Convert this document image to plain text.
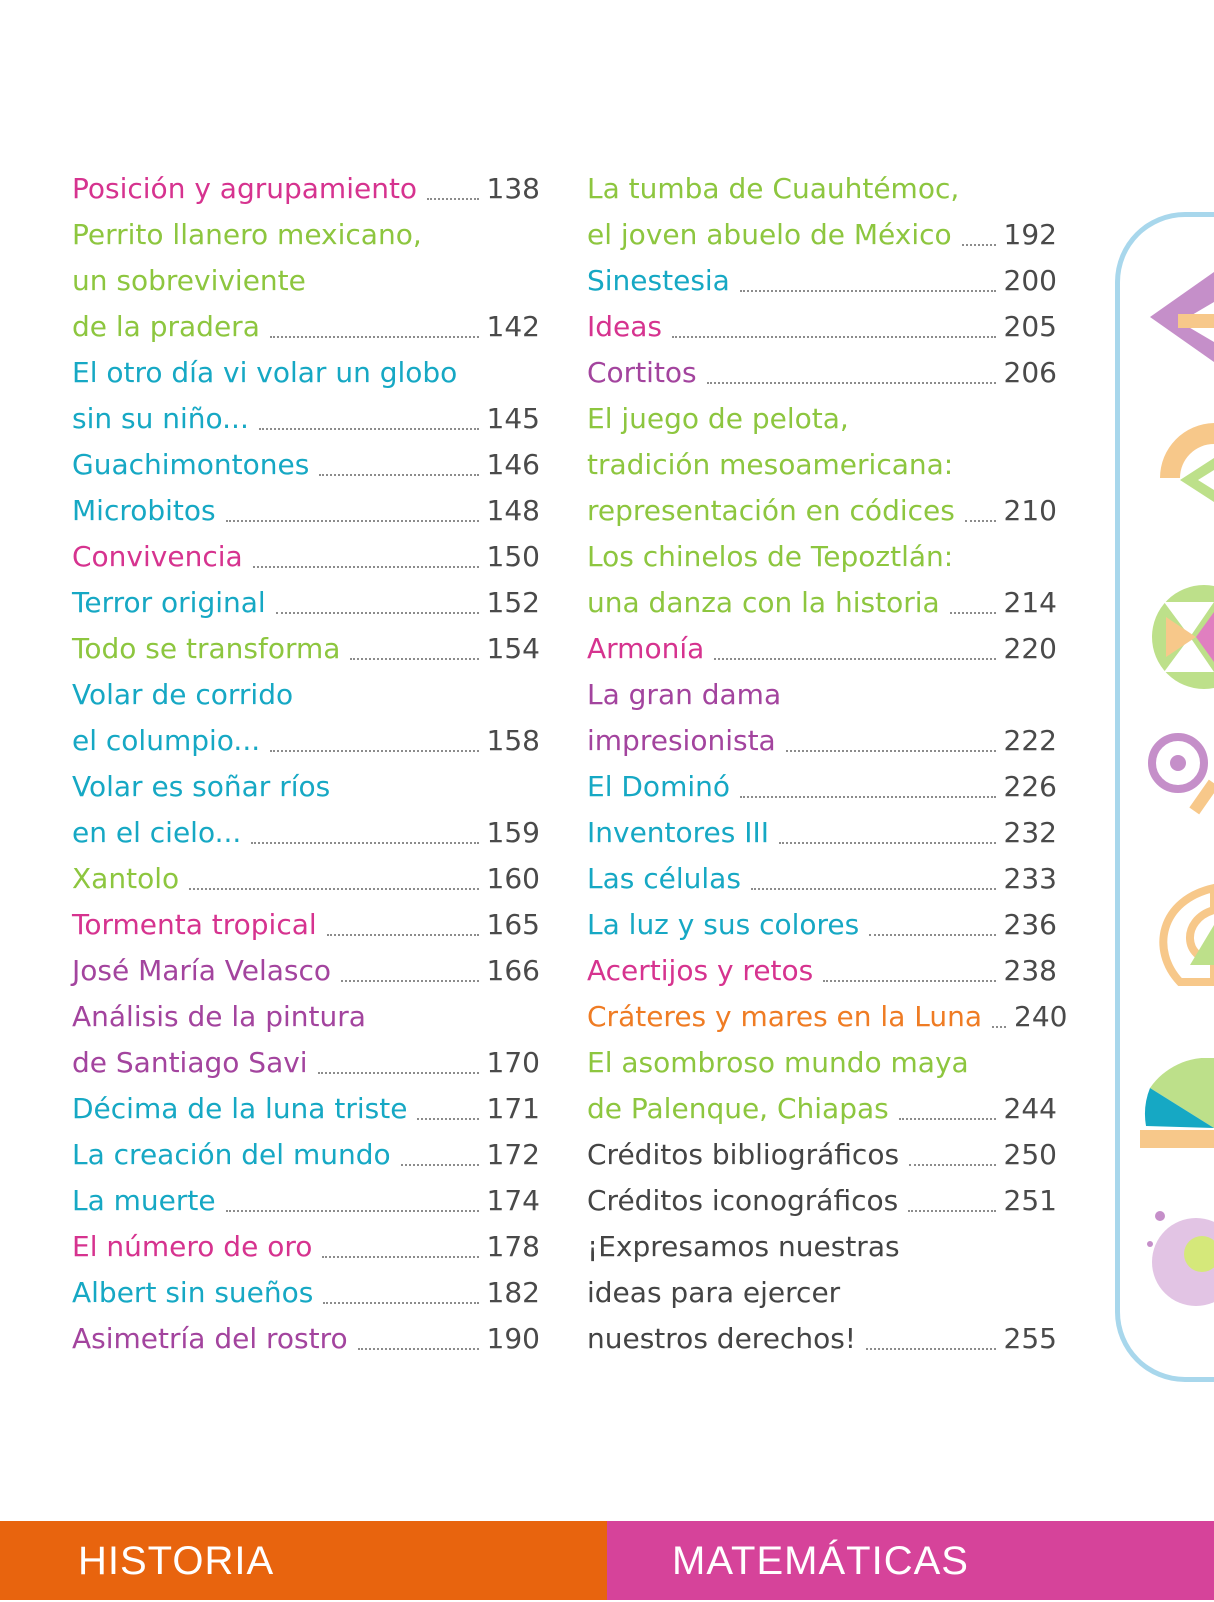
Posición y agrupamiento 138
Perrito llanero mexicano,
un sobreviviente
de la pradera	142
El otro día vi volar un globo
sin su niño...	145
Guachimontones	146
Microbitos	148
Convivencia	150
Terror original	152
Todo se transforma	154
Volar de corrido
el columpio...	158
Volar es soñar ríos
en el cielo...	159
Xantolo	160
Tormenta tropical	165
José María Velasco	166
Análisis de la pintura
de Santiago Savi	170
Décima de la luna triste	171
La creación del mundo	172
La muerte	174
El número de oro	178
Albert sin sueños	182
Asimetría del rostro	190
La tumba de Cuauhtémoc,
el joven abuelo de México 192
Sinestesia	200
Ideas	205
Cortitos	206
El juego de pelota,
tradición mesoamericana:
representación en códices 210
Los chinelos de Tepoztlán:
una danza con la historia 214
Armonía	220
La gran dama
impresionista	222
El Dominó	226
Inventores III	232
Las células	233
La luz y sus colores	236
Acertijos y retos	238
Cráteres y mares en la Luna 240
El asombroso mundo maya
de Palenque, Chiapas	244
Créditos bibliográficos	250
Créditos iconográficos	251
¡Expresamos nuestras
ideas para ejercer
nuestros derechos!	255
HISTORIA	MATEMÁTICAS
